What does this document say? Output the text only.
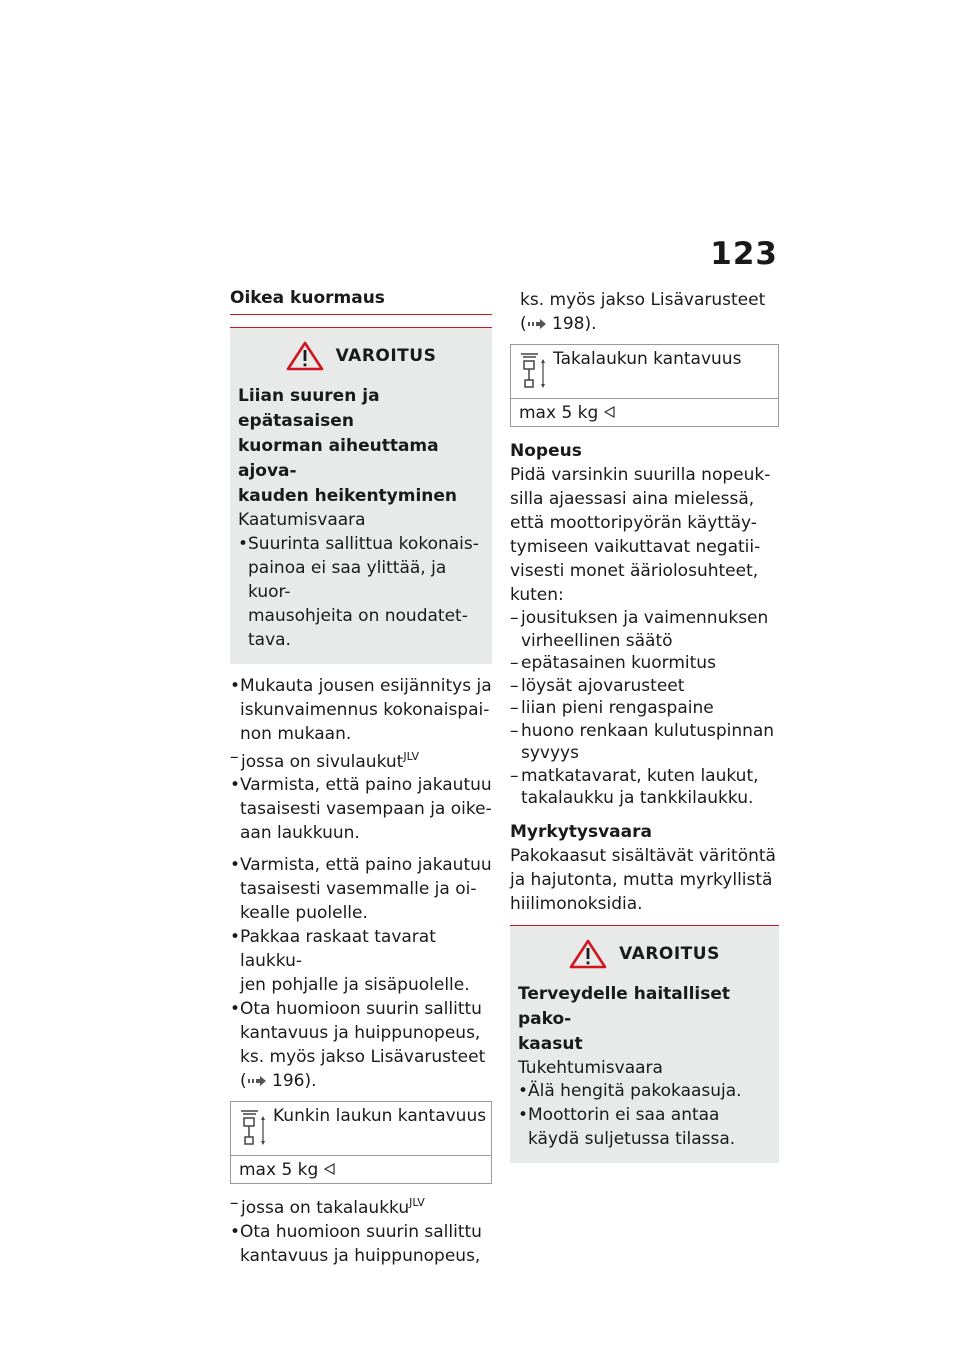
123
Oikea kuormaus
VAROITUS
Liian suuren ja epätasaisen
kuorman aiheuttama ajova-
kauden heikentyminen
Kaatumisvaara
• Suurinta sallittua kokonais-
painoa ei saa ylittää, ja kuor-
mausohjeita on noudatet-
tava.
• Mukauta jousen esijännitys ja
iskunvaimennus kokonaispai-
non mukaan.
– jossa on sivulaukut$^{JLV}$
• Varmista, että paino jakautuu
tasaisesti vasempaan ja oike-
aan laukkuun.
• Varmista, että paino jakautuu
tasaisesti vasemmalle ja oi-
kealle puolelle.
• Pakkaa raskaat tavarat laukku-
jen pohjalle ja sisäpuolelle.
• Ota huomioon suurin sallittu
kantavuus ja huippunopeus,
ks. myös jakso Lisävarusteet
( 196).
Kunkin laukun kantavuus
max 5 kg
– jossa on takalaukku$^{JLV}$
• Ota huomioon suurin sallittu
kantavuus ja huippunopeus,
ks. myös jakso Lisävarusteet
( 198).
Takalaukun kantavuus
max 5 kg
Nopeus
Pidä varsinkin suurilla nopeuk-
silla ajaessasi aina mielessä,
että moottoripyörän käyttäy-
tymiseen vaikuttavat negatii-
visesti monet ääriolosuhteet,
kuten:
– jousituksen ja vaimennuksen
virheellinen säätö
– epätasainen kuormitus
– löysät ajovarusteet
– liian pieni rengaspaine
– huono renkaan kulutuspinnan
syvyys
– matkatavarat, kuten laukut,
takalaukku ja tankkilaukku.
Myrkytysvaara
Pakokaasut sisältävät väritöntä
ja hajutonta, mutta myrkyllistä
hiilimonoksidia.
VAROITUS
Terveydelle haitalliset pako-
kaasut
Tukehtumisvaara
• Älä hengitä pakokaasuja.
• Moottorin ei saa antaa
käydä suljetussa tilassa.
